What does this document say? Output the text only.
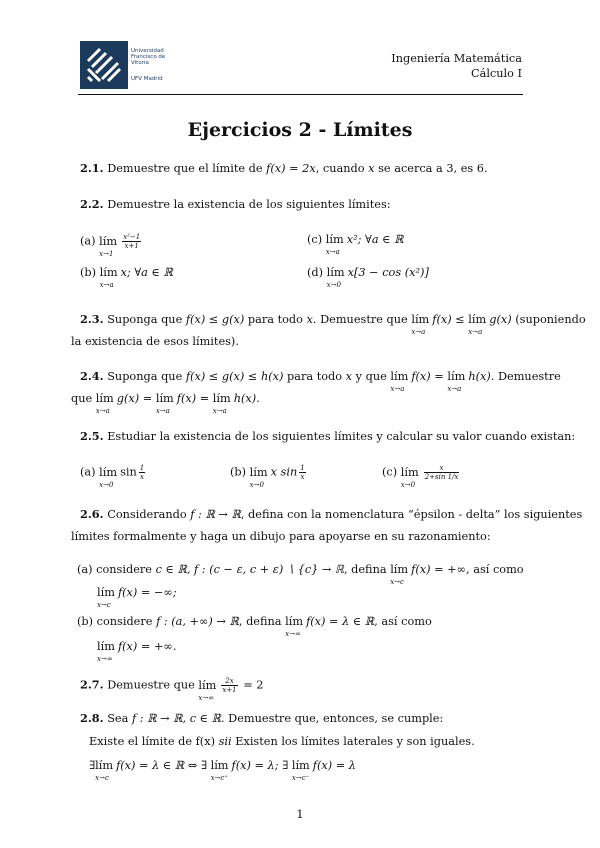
Universidad
Francisco de
Vitoria
UFV Madrid
Ingeniería Matemática
Cálculo I
Ejercicios 2 - Límites
2.1. Demuestre que el límite de f(x) = 2x, cuando x se acerca a 3, es 6.
2.2. Demuestre la existencia de los siguientes límites:
(a) lím
x→1
$\frac{\text{x²−1}}{x+1}$	(c) lím
x→a
x²; ∀a ∈ ℝ
(b) lím
x→a
x; ∀a ∈ ℝ	(d) lím
x→0
x[3 − cos (x²)]
2.3. Suponga que f(x) ≤ g(x) para todo x. Demuestre que lím
x→a
f(x) ≤ lím
x→a
g(x) (suponiendo
la existencia de esos límites).
2.4. Suponga que f(x) ≤ g(x) ≤ h(x) para todo x y que lím
x→a
f(x) = lím
x→a
h(x). Demuestre
que lím
x→a
g(x) = lím
x→a
f(x) = lím
x→a
h(x).
2.5. Estudiar la existencia de los siguientes límites y calcular su valor cuando existan:
(a) lím
x→0
$\sin \frac{1}{x}$	(b) lím
x→0
x $\sin \frac{1}{x}$	(c) lím
x→0
$\frac{x}{2+\sin 1/x}$
2.6. Considerando f : ℝ → ℝ, defina con la nomenclatura “épsilon - delta” los siguientes
límites formalmente y haga un dibujo para apoyarse en su razonamiento:
(a) considere c ∈ ℝ, f : (c − ε, c + ε) ∖ {c} → ℝ, defina lím
x→c
f(x) = +∞, así como
lím
x→c
f(x) = −∞;
(b) considere f : (a, +∞) → ℝ, defina lím
x→∞
f(x) = λ ∈ ℝ, así como
lím
x→∞
f(x) = +∞.
2.7. Demuestre que lím
x→∞
$\frac{2x}{x+1} = 2$
2.8. Sea f : ℝ → ℝ, c ∈ ℝ. Demuestre que, entonces, se cumple:
Existe el límite de f(x) sii Existen los límites laterales y son iguales.
∃lím
x→c
f(x) = λ ∈ ℝ ⇔ ∃ lím
x→c⁺
f(x) = λ; ∃ lím
x→c⁻
f(x) = λ
1
